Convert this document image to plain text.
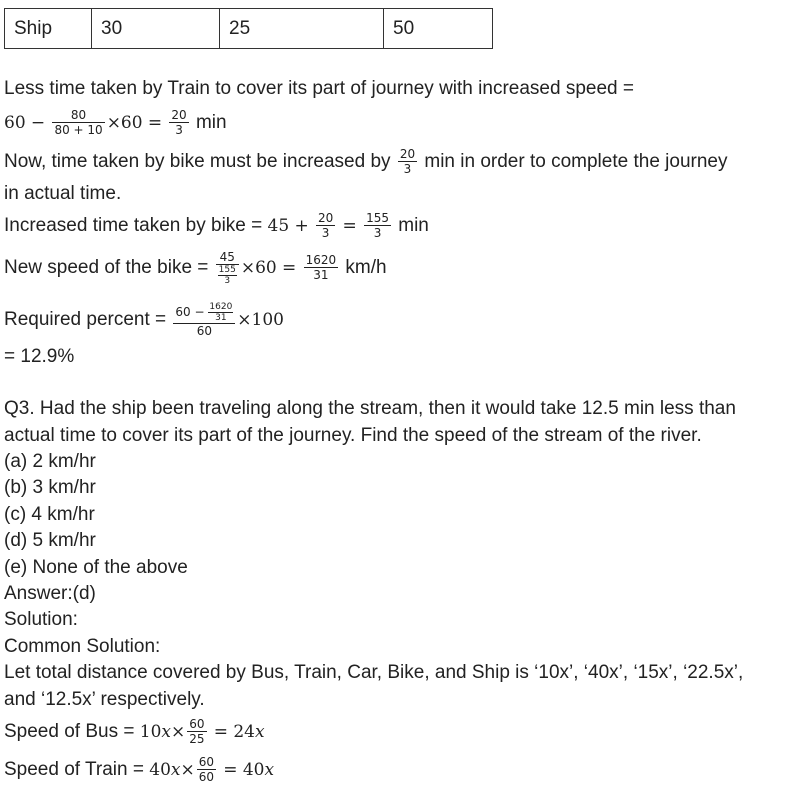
Ship	30	25	50
Less time taken by Train to cover its part of journey with increased speed =
$60 - \frac{80}{80 + 10} \times 60 = \frac{20}{3}$ min
Now, time taken by bike must be increased by $\frac{20}{3}$ min in order to complete the journey
in actual time.
Increased time taken by bike = $45 + \frac{20}{3} = \frac{155}{3}$ min
New speed of the bike = $\frac{45}{\frac{155}{3}} \times 60 = \frac{1620}{31} km/h$
Required percent = $\frac{60 - \frac{1620}{31}}{60} \times 100$
= 12.9%
Q3. Had the ship been traveling along the stream, then it would take 12.5 min less than
actual time to cover its part of the journey. Find the speed of the stream of the river.
(a) 2 km/hr
(b) 3 km/hr
(c) 4 km/hr
(d) 5 km/hr
(e) None of the above
Answer:(d)
Solution:
Common Solution:
Let total distance covered by Bus, Train, Car, Bike, and Ship is ‘10x’, ‘40x’, ‘15x’, ‘22.5x’,
and ‘12.5x’ respectively.
Speed of Bus = $10x\times \frac{60}{25} = 24x$
Speed of Train = $40x\times \frac{60}{60} = 40x$
